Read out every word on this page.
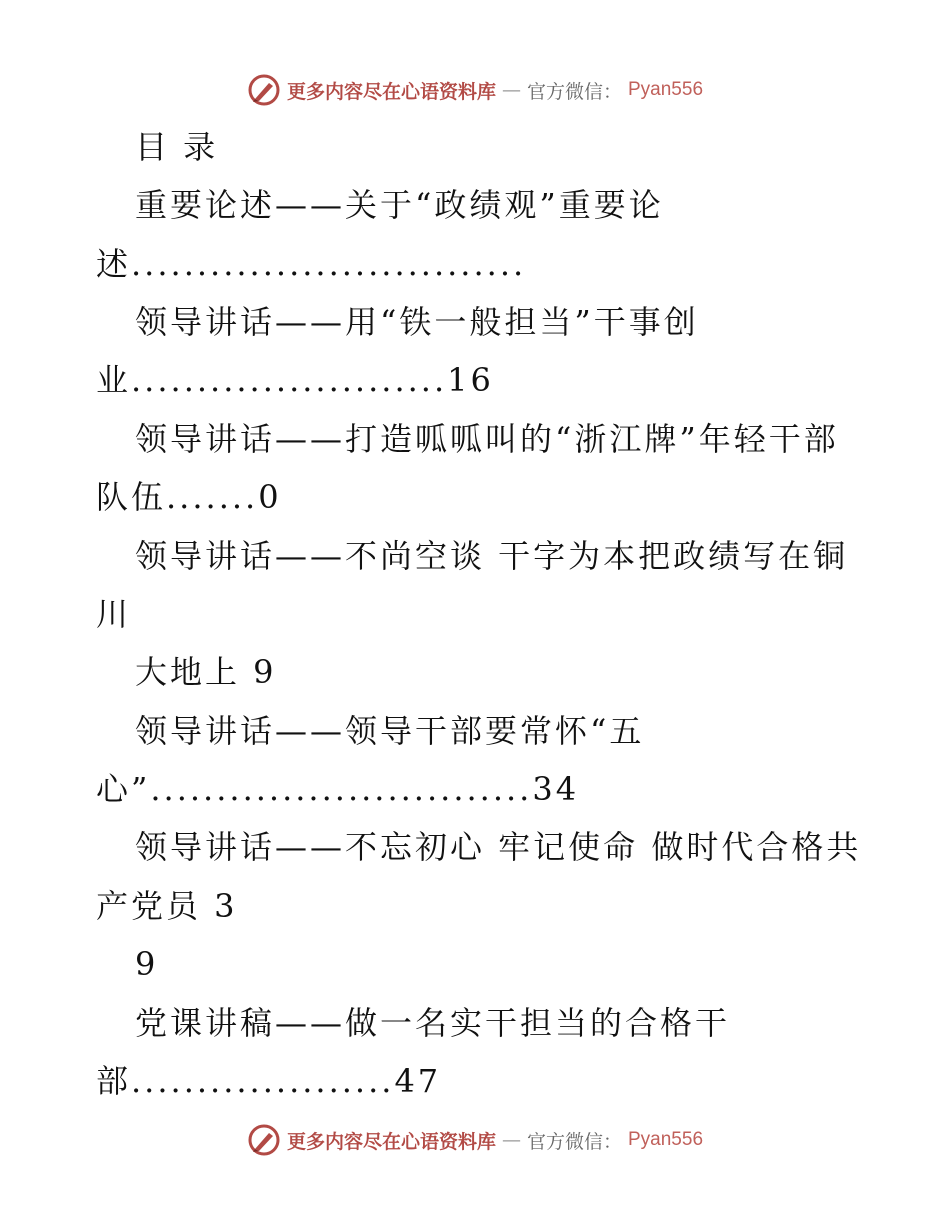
更多内容尽在心语资料库 — 官方微信： Pyan556
目 录
重要论述——关于“政绩观”重要论
述..............................
领导讲话——用“铁一般担当”干事创
业........................16
领导讲话——打造呱呱叫的“浙江牌”年轻干部
队伍.......0
领导讲话——不尚空谈 干字为本把政绩写在铜
川
大地上 9
领导讲话——领导干部要常怀“五
心”.............................34
领导讲话——不忘初心 牢记使命 做时代合格共
产党员 3
9
党课讲稿——做一名实干担当的合格干
部....................47
更多内容尽在心语资料库 — 官方微信： Pyan556
